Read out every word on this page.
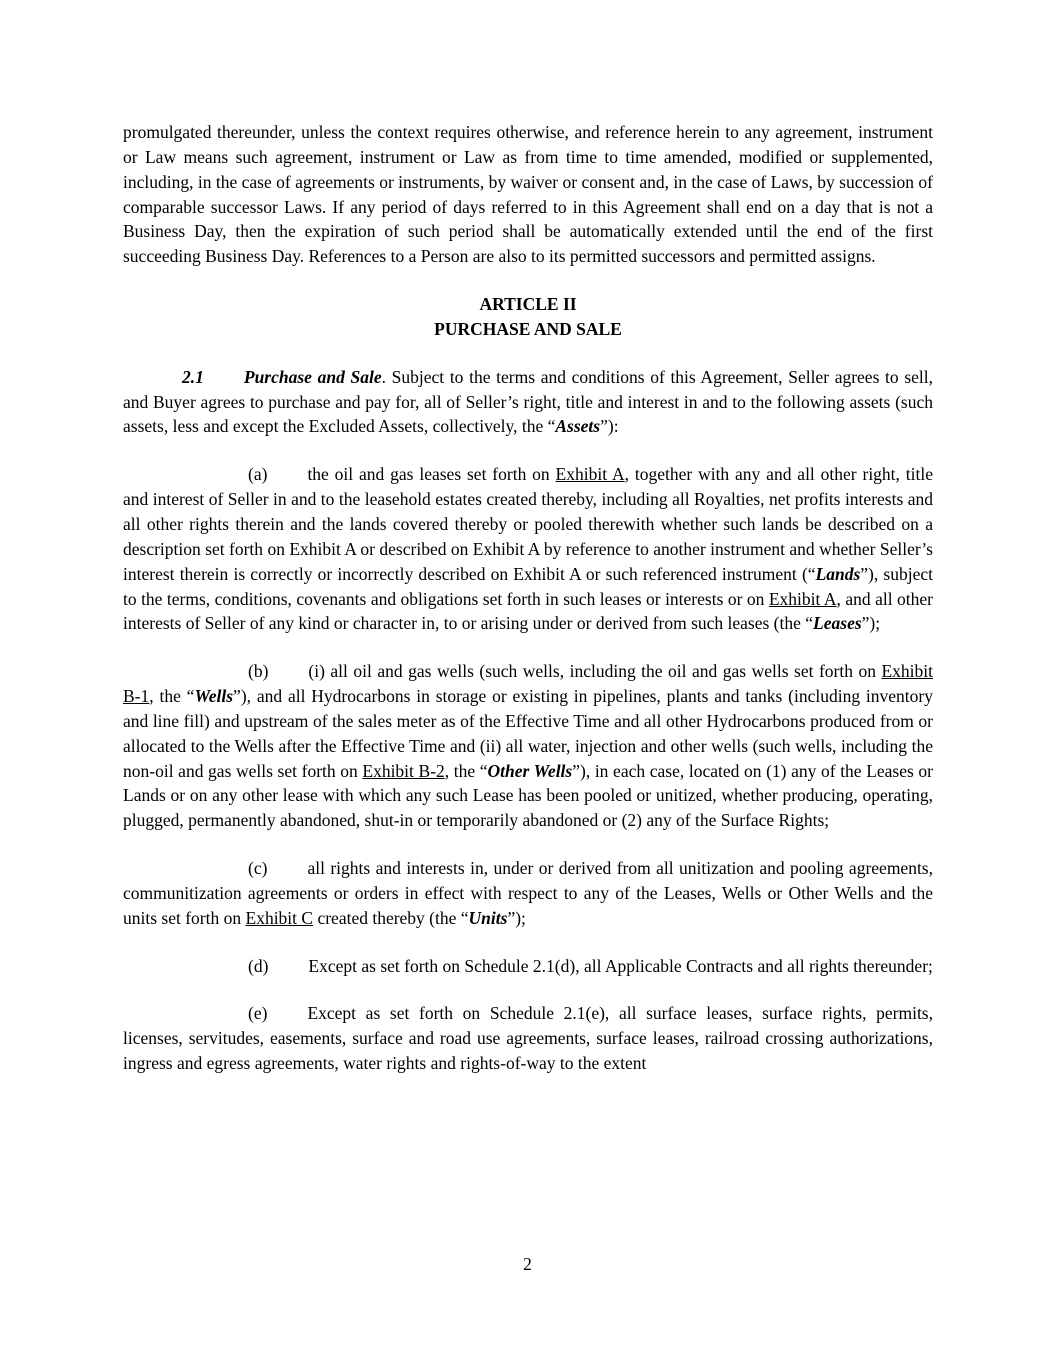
promulgated thereunder, unless the context requires otherwise, and reference herein to any agreement, instrument or Law means such agreement, instrument or Law as from time to time amended, modified or supplemented, including, in the case of agreements or instruments, by waiver or consent and, in the case of Laws, by succession of comparable successor Laws. If any period of days referred to in this Agreement shall end on a day that is not a Business Day, then the expiration of such period shall be automatically extended until the end of the first succeeding Business Day. References to a Person are also to its permitted successors and permitted assigns.
ARTICLE II
PURCHASE AND SALE
2.1 Purchase and Sale. Subject to the terms and conditions of this Agreement, Seller agrees to sell, and Buyer agrees to purchase and pay for, all of Seller’s right, title and interest in and to the following assets (such assets, less and except the Excluded Assets, collectively, the “Assets”):
(a) the oil and gas leases set forth on Exhibit A, together with any and all other right, title and interest of Seller in and to the leasehold estates created thereby, including all Royalties, net profits interests and all other rights therein and the lands covered thereby or pooled therewith whether such lands be described on a description set forth on Exhibit A or described on Exhibit A by reference to another instrument and whether Seller’s interest therein is correctly or incorrectly described on Exhibit A or such referenced instrument (“Lands”), subject to the terms, conditions, covenants and obligations set forth in such leases or interests or on Exhibit A, and all other interests of Seller of any kind or character in, to or arising under or derived from such leases (the “Leases”);
(b) (i) all oil and gas wells (such wells, including the oil and gas wells set forth on Exhibit B-1, the “Wells”), and all Hydrocarbons in storage or existing in pipelines, plants and tanks (including inventory and line fill) and upstream of the sales meter as of the Effective Time and all other Hydrocarbons produced from or allocated to the Wells after the Effective Time and (ii) all water, injection and other wells (such wells, including the non-oil and gas wells set forth on Exhibit B-2, the “Other Wells”), in each case, located on (1) any of the Leases or Lands or on any other lease with which any such Lease has been pooled or unitized, whether producing, operating, plugged, permanently abandoned, shut-in or temporarily abandoned or (2) any of the Surface Rights;
(c) all rights and interests in, under or derived from all unitization and pooling agreements, communitization agreements or orders in effect with respect to any of the Leases, Wells or Other Wells and the units set forth on Exhibit C created thereby (the “Units”);
(d) Except as set forth on Schedule 2.1(d), all Applicable Contracts and all rights thereunder;
(e) Except as set forth on Schedule 2.1(e), all surface leases, surface rights, permits, licenses, servitudes, easements, surface and road use agreements, surface leases, railroad crossing authorizations, ingress and egress agreements, water rights and rights-of-way to the extent
2
